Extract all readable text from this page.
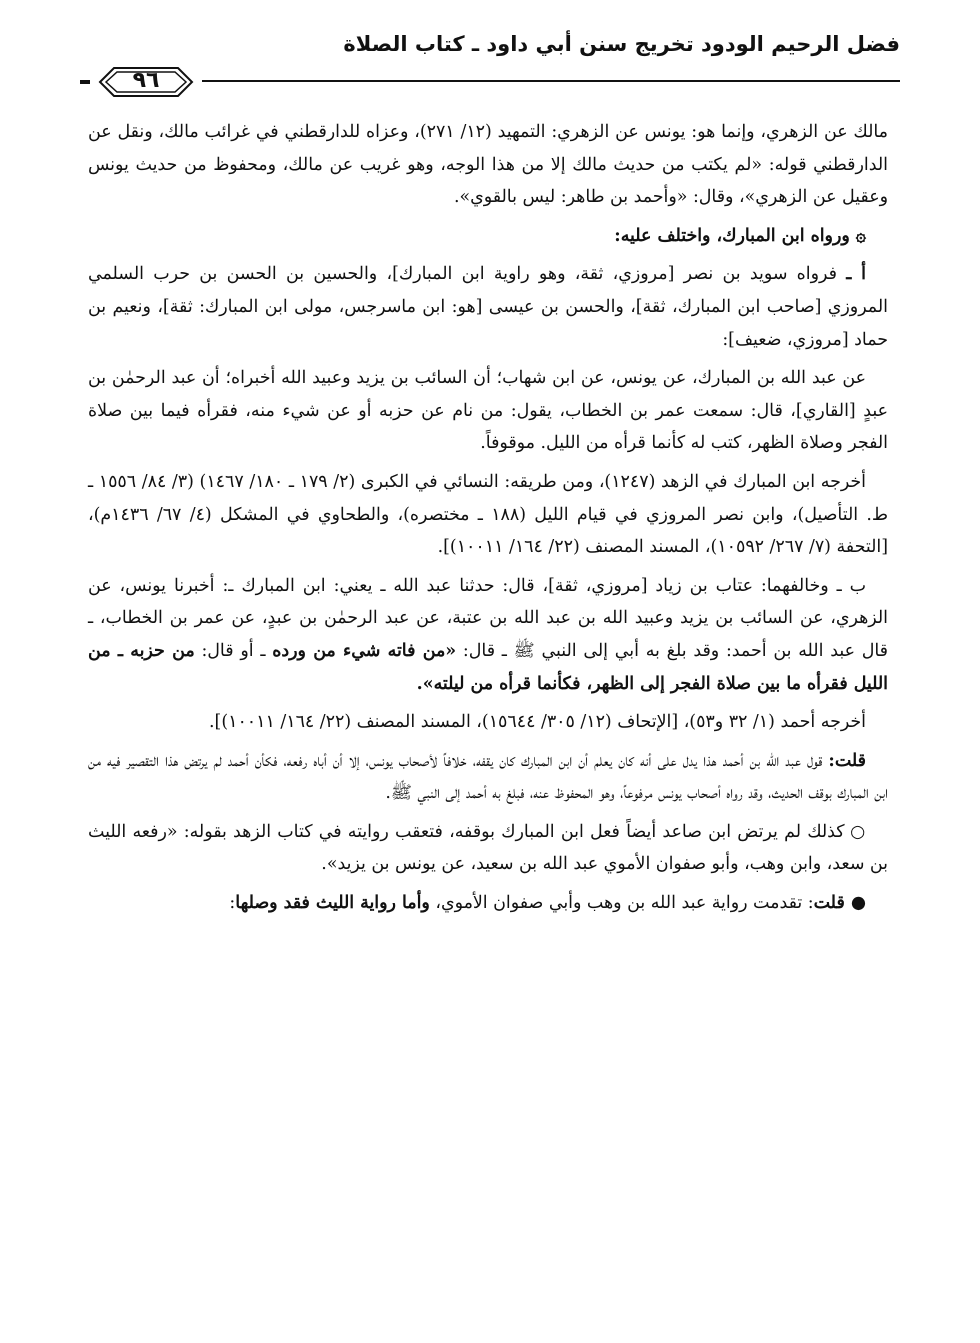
فضل الرحيم الودود تخريج سنن أبي داود ـ كتاب الصلاة
٩٦

مالك عن الزهري، وإنما هو: يونس عن الزهري: التمهيد (١٢/ ٢٧١)، وعزاه للدارقطني في غرائب مالك، ونقل عن الدارقطني قوله: «لم يكتب من حديث مالك إلا من هذا الوجه، وهو غريب عن مالك، ومحفوظ من حديث يونس وعقيل عن الزهري»، وقال: «وأحمد بن طاهر: ليس بالقوي».

۞ ورواه ابن المبارك، واختلف عليه:

أ ـ فرواه سويد بن نصر [مروزي، ثقة، وهو راوية ابن المبارك]، والحسين بن الحسن بن حرب السلمي المروزي [صاحب ابن المبارك، ثقة]، والحسن بن عيسى [هو: ابن ماسرجس، مولى ابن المبارك: ثقة]، ونعيم بن حماد [مروزي، ضعيف]:

عن عبد الله بن المبارك، عن يونس، عن ابن شهاب؛ أن السائب بن يزيد وعبيد الله أخبراه؛ أن عبد الرحمٰن بن عبدٍ [القاري]، قال: سمعت عمر بن الخطاب، يقول: من نام عن حزبه أو عن شيء منه، فقرأه فيما بين صلاة الفجر وصلاة الظهر، كتب له كأنما قرأه من الليل. موقوفاً.

أخرجه ابن المبارك في الزهد (١٢٤٧)، ومن طريقه: النسائي في الكبرى (٢/ ١٧٩ ـ ١٨٠/ ١٤٦٧) (٣/ ٨٤/ ١٥٥٦ ـ ط. التأصيل)، وابن نصر المروزي في قيام الليل (١٨٨ ـ مختصره)، والطحاوي في المشكل (٤/ ٦٧/ ١٤٣٦م)، [التحفة (٧/ ٢٦٧/ ١٠٥٩٢)، المسند المصنف (٢٢/ ١٦٤/ ١٠٠١١)].

ب ـ وخالفهما: عتاب بن زياد [مروزي، ثقة]، قال: حدثنا عبد الله ـ يعني: ابن المبارك ـ: أخبرنا يونس، عن الزهري، عن السائب بن يزيد وعبيد الله بن عبد الله بن عتبة، عن عبد الرحمٰن بن عبدٍ، عن عمر بن الخطاب، ـ قال عبد الله بن أحمد: وقد بلغ به أبي إلى النبي ﷺ ـ قال: «من فاته شيء من ورده ـ أو قال: من حزبه ـ من الليل فقرأه ما بين صلاة الفجر إلى الظهر، فكأنما قرأه من ليلته».

أخرجه أحمد (١/ ٣٢ و٥٣)، [الإتحاف (١٢/ ٣٠٥/ ١٥٦٤٤)، المسند المصنف (٢٢/ ١٦٤/ ١٠٠١١)].

قلت: قول عبد الله بن أحمد هذا يدل على أنه كان يعلم أن ابن المبارك كان يقفه، خلافاً لأصحاب يونس، إلا أن أباه رفعه، فكأن أحمد لم يرتض هذا التقصير فيه من ابن المبارك بوقف الحديث، وقد رواه أصحاب يونس مرفوعاً، وهو المحفوظ عنه، فبلغ به أحمد إلى النبي ﷺ.

○ كذلك لم يرتض ابن صاعد أيضاً فعل ابن المبارك بوقفه، فتعقب روايته في كتاب الزهد بقوله: «رفعه الليث بن سعد، وابن وهب، وأبو صفوان الأموي عبد الله بن سعيد، عن يونس بن يزيد».

● قلت: تقدمت رواية عبد الله بن وهب وأبي صفوان الأموي، وأما رواية الليث فقد وصلها:
